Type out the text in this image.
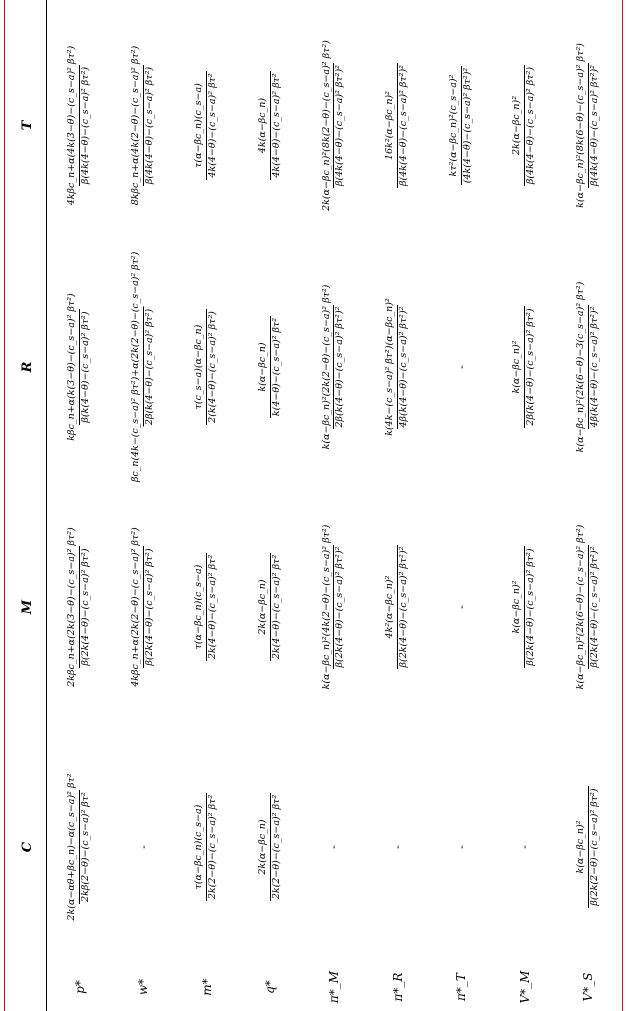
C
M
R
T
p*
2k(α−αθ+βc_n)−α(c_s−a)² βτ² 2kβ(2−θ)−(c_s−a)² βτ²
2kβc_n+α(2k(3−θ)−(c_s−a)² βτ²) β(2k(4−θ)−(c_s−a)² βτ²)
kβc_n+α(k(3−θ)−(c_s−a)² βτ²) β(k(4−θ)−(c_s−a)² βτ²)
4kβc_n+α(4k(3−θ)−(c_s−a)² βτ²) β(4k(4−θ)−(c_s−a)² βτ²)
w*
-
4kβc_n+α(2k(2−θ)−(c_s−a)² βτ²) β(2k(4−θ)−(c_s−a)² βτ²)
βc_n(4k−(c_s−a)² βτ²)+α(2k(2−θ)−(c_s−a)² βτ²) 2β(k(4−θ)−(c_s−a)² βτ²)
8kβc_n+α(4k(2−θ)−(c_s−a)² βτ²) β(4k(4−θ)−(c_s−a)² βτ²)
m*
τ(α−βc_n)(c_s−a) 2k(2−θ)−(c_s−a)² βτ²
τ(α−βc_n)(c_s−a) 2k(4−θ)−(c_s−a)² βτ²
τ(c_s−a)(α−βc_n) 2(k(4−θ)−(c_s−a)² βτ²)
τ(α−βc_n)(c_s−a) 4k(4−θ)−(c_s−a)² βτ²
q*
2k(α−βc_n) 2k(2−θ)−(c_s−a)² βτ²
2k(α−βc_n) 2k(4−θ)−(c_s−a)² βτ²
k(α−βc_n) k(4−θ)−(c_s−a)² βτ²
4k(α−βc_n) 4k(4−θ)−(c_s−a)² βτ²
π*_M
-
k(α−βc_n)²(4k(2−θ)−(c_s−a)² βτ²) β(2k(4−θ)−(c_s−a)² βτ²)²
k(α−βc_n)²(2k(2−θ)−(c_s−a)² βτ²) 2β(k(4−θ)−(c_s−a)² βτ²)²
2k(α−βc_n)²(8k(2−θ)−(c_s−a)² βτ²) β(4k(4−θ)−(c_s−a)² βτ²)²
π*_R
-
4k²(α−βc_n)² β(2k(4−θ)−(c_s−a)² βτ²)²
k(4k−(c_s−a)² βτ²)(α−βc_n)² 4β(k(4−θ)−(c_s−a)² βτ²)²
16k²(α−βc_n)² β(4k(4−θ)−(c_s−a)² βτ²)²
π*_T
-
-
-
kτ²(α−βc_n)²(c_s−a)² (4k(4−θ)−(c_s−a)² βτ²)²
V*_M
-
k(α−βc_n)² β(2k(4−θ)−(c_s−a)² βτ²)
k(α−βc_n)² 2β(k(4−θ)−(c_s−a)² βτ²)
2k(α−βc_n)² β(4k(4−θ)−(c_s−a)² βτ²)
V*_S
k(α−βc_n)² β(2k(2−θ)−(c_s−a)² βτ²)
k(α−βc_n)²(2k(6−θ)−(c_s−a)² βτ²) β(2k(4−θ)−(c_s−a)² βτ²)²
k(α−βc_n)²(2k(6−θ)−3(c_s−a)² βτ²) 4β(k(4−θ)−(c_s−a)² βτ²)²
k(α−βc_n)²(8k(6−θ)−(c_s−a)² βτ²) β(4k(4−θ)−(c_s−a)² βτ²)²
